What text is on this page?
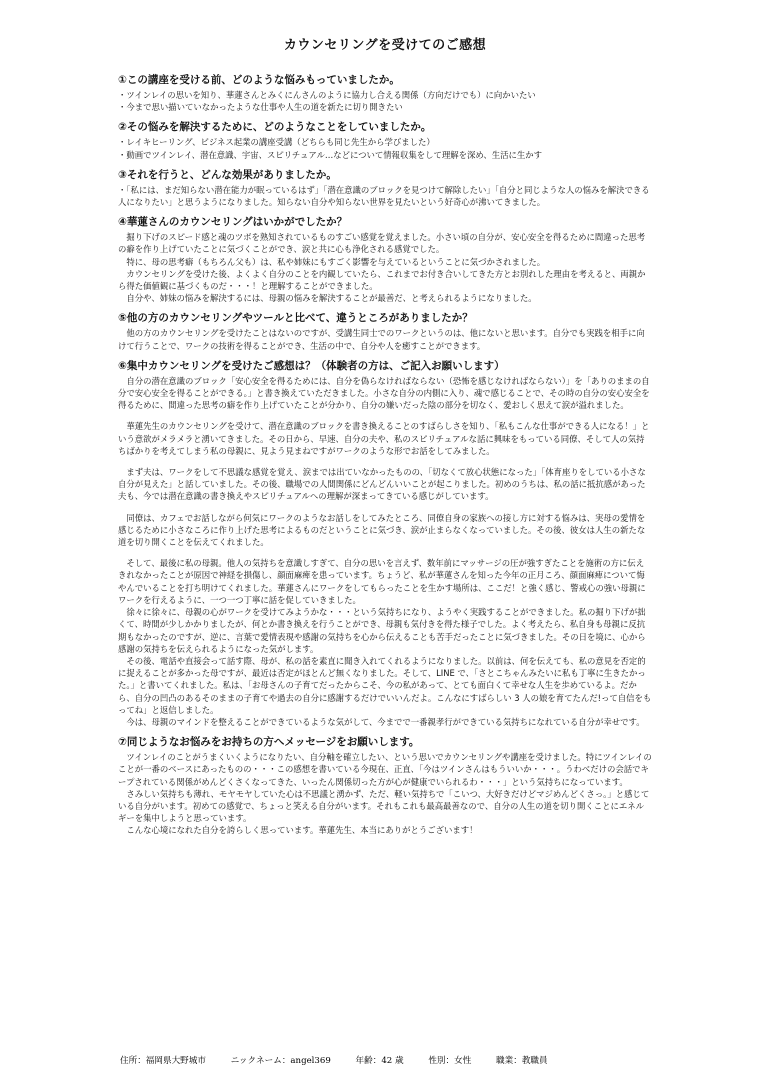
カウンセリングを受けてのご感想
①この講座を受ける前、どのような悩みもっていましたか。
・ツインレイの思いを知り、華蓮さんとみくにんさんのように協力し合える関係（方向だけでも）に向かいたい
・今まで思い描いていなかったような仕事や人生の道を新たに切り開きたい
②その悩みを解決するために、どのようなことをしていましたか。
・レイキヒーリング、ビジネス起業の講座受講（どちらも同じ先生から学びました）
・動画でツインレイ、潜在意識、宇宙、スピリチュアル…などについて情報収集をして理解を深め、生活に生かす
③それを行うと、どんな効果がありましたか。
・「私には、まだ知らない潜在能力が眠っているはず」「潜在意識のブロックを見つけて解除したい」「自分と同じような人の悩みを解決できる人になりたい」と思うようになりました。知らない自分や知らない世界を見たいという好奇心が沸いてきました。
④華蓮さんのカウンセリングはいかがでしたか？
掘り下げのスピード感と魂のツボを熟知されているものすごい感覚を覚えました。小さい頃の自分が、安心安全を得るために間違った思考の癖を作り上げていたことに気づくことができ、涙と共に心も浄化される感覚でした。
特に、母の思考癖（もちろん父も）は、私や姉妹にもすごく影響を与えているということに気づかされました。
カウンセリングを受けた後、よくよく自分のことを内観していたら、これまでお付き合いしてきた方とお別れした理由を考えると、両親から得た価値観に基づくものだ・・・！と理解することができました。
自分や、姉妹の悩みを解決するには、母親の悩みを解決することが最善だ、と考えられるようになりました。
⑤他の方のカウンセリングやツールと比べて、違うところがありましたか？
他の方のカウンセリングを受けたことはないのですが、受講生同士でのワークというのは、他にないと思います。自分でも実践を相手に向けて行うことで、ワークの技術を得ることができ、生活の中で、自分や人を癒すことができます。
⑥集中カウンセリングを受けたご感想は？（体験者の方は、ご記入お願いします）
自分の潜在意識のブロック「安心安全を得るためには、自分を偽らなければならない（恐怖を感じなければならない）」を「ありのままの自分で安心安全を得ることができる。」と書き換えていただきました。小さな自分の内側に入り、魂で感じることで、その時の自分の安心安全を得るために、間違った思考の癖を作り上げていたことが分かり、自分の嫌いだった陰の部分を切なく、愛おしく思えて涙が溢れました。
華蓮先生のカウンセリングを受けて、潜在意識のブロックを書き換えることのすばらしさを知り、「私もこんな仕事ができる人になる！」という意欲がメラメラと湧いてきました。その日から、早速、自分の夫や、私のスピリチュアルな話に興味をもっている同僚、そして人の気持ちばかりを考えてしまう私の母親に、見よう見まねですがワークのような形でお話をしてみました。
まず夫は、ワークをして不思議な感覚を覚え、涙までは出ていなかったものの、「切なくて放心状態になった」「体育座りをしている小さな自分が見えた」と話していました。その後、職場での人間関係にどんどんいいことが起こりました。初めのうちは、私の話に抵抗感があった夫も、今では潜在意識の書き換えやスピリチュアルへの理解が深まってきている感じがしています。
同僚は、カフェでお話しながら何気にワークのようなお話しをしてみたところ、同僚自身の家族への接し方に対する悩みは、実母の愛情を感じるために小さなころに作り上げた思考によるものだということに気づき、涙が止まらなくなっていました。その後、彼女は人生の新たな道を切り開くことを伝えてくれました。
そして、最後に私の母親。他人の気持ちを意識しすぎて、自分の思いを言えず、数年前にマッサージの圧が強すぎたことを施術の方に伝えきれなかったことが原因で神経を損傷し、顔面麻痺を患っています。ちょうど、私が華蓮さんを知った今年の正月ころ、顔面麻痺について悔やんでいることを打ち明けてくれました。華蓮さんにワークをしてもらったことを生かす場所は、ここだ！と強く感じ、警戒心の強い母親にワークを行えるように、一つ一つ丁寧に話を促していきました。
徐々に徐々に、母親の心がワークを受けてみようかな・・・という気持ちになり、ようやく実践することができました。私の掘り下げが拙くて、時間が少しかかりましたが、何とか書き換えを行うことができ、母親も気付きを得た様子でした。よく考えたら、私自身も母親に反抗期もなかったのですが、逆に、言葉で愛情表現や感謝の気持ちを心から伝えることも苦手だったことに気づきました。その日を境に、心から感謝の気持ちを伝えられるようになった気がします。
その後、電話や直接会って話す際、母が、私の話を素直に聞き入れてくれるようになりました。以前は、何を伝えても、私の意見を否定的に捉えることが多かった母ですが、最近は否定がほとんど無くなりました。そして、LINE で、「さとこちゃんみたいに私も丁寧に生きたかった。」と書いてくれました。私は、「お母さんの子育てだったからこそ、今の私があって、とても面白くて幸せな人生を歩めているよ。だから、自分の凹凸のあるそのままの子育てや過去の自分に感謝するだけでいいんだよ。こんなにすばらしい 3 人の娘を育てたんだ!って自信をもってね」と返信しました。
今は、母親のマインドを整えることができているような気がして、今までで一番親孝行ができている気持ちになれている自分が幸せです。
⑦同じようなお悩みをお持ちの方へメッセージをお願いします。
ツインレイのことがうまくいくようになりたい、自分軸を確立したい、という思いでカウンセリングや講座を受けました。特にツインレイのことが一番のベースにあったものの・・・この感想を書いている今現在、正直、「今はツインさんはもういいか・・・。うわべだけの会話でキープされている関係がめんどくさくなってきた、いったん関係切った方が心が健康でいられるわ・・・」という気持ちになっています。
さみしい気持ちも薄れ、モヤモヤしていた心は不思議と湧かず、ただ、軽い気持ちで「こいつ、大好きだけどマジめんどくさっ。」と感じている自分がいます。初めての感覚で、ちょっと笑える自分がいます。それもこれも最高最善なので、自分の人生の道を切り開くことにエネルギーを集中しようと思っています。
こんな心境になれた自分を誇らしく思っています。華蓮先生、本当にありがとうございます！
住所：福岡県大野城市	ニックネーム：angel369	年齢：42 歳	性別：女性	職業：教職員
